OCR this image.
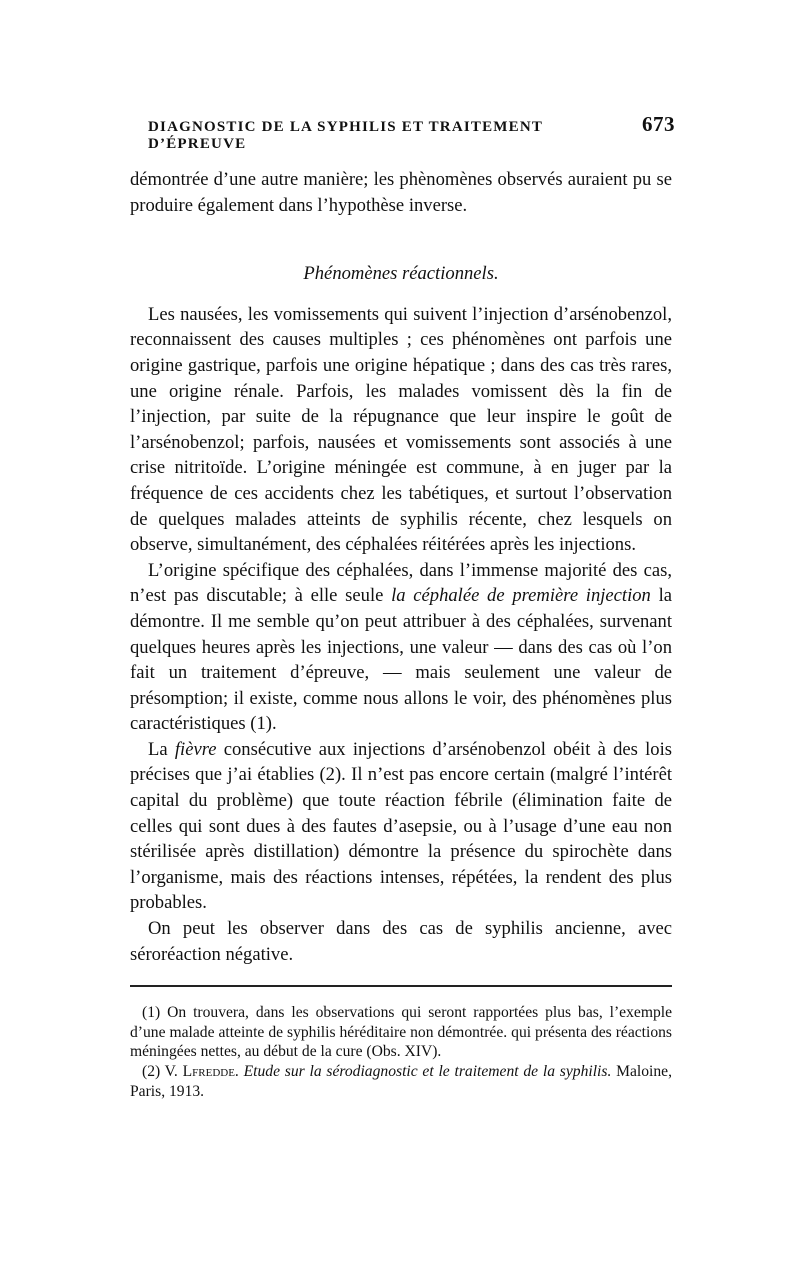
DIAGNOSTIC DE LA SYPHILIS ET TRAITEMENT D’ÉPREUVE
673

démontrée d’une autre manière; les phènomènes observés auraient pu se produire également dans l’hypothèse inverse.

Phénomènes réactionnels.

Les nausées, les vomissements qui suivent l’injection d’arsénobenzol, reconnaissent des causes multiples ; ces phénomènes ont parfois une origine gastrique, parfois une origine hépatique ; dans des cas très rares, une origine rénale. Parfois, les malades vomissent dès la fin de l’injection, par suite de la répugnance que leur inspire le goût de l’arsénobenzol; parfois, nausées et vomissements sont associés à une crise nitritoïde. L’origine méningée est commune, à en juger par la fréquence de ces accidents chez les tabétiques, et surtout l’observation de quelques malades atteints de syphilis récente, chez lesquels on observe, simultanément, des céphalées réitérées après les injections.

L’origine spécifique des céphalées, dans l’immense majorité des cas, n’est pas discutable; à elle seule la céphalée de première injection la démontre. Il me semble qu’on peut attribuer à des céphalées, survenant quelques heures après les injections, une valeur — dans des cas où l’on fait un traitement d’épreuve, — mais seulement une valeur de présomption; il existe, comme nous allons le voir, des phénomènes plus caractéristiques (1).

La fièvre consécutive aux injections d’arsénobenzol obéit à des lois précises que j’ai établies (2). Il n’est pas encore certain (malgré l’intérêt capital du problème) que toute réaction fébrile (élimination faite de celles qui sont dues à des fautes d’asepsie, ou à l’usage d’une eau non stérilisée après distillation) démontre la présence du spirochète dans l’organisme, mais des réactions intenses, répétées, la rendent des plus probables.

On peut les observer dans des cas de syphilis ancienne, avec séroréaction négative.

(1) On trouvera, dans les observations qui seront rapportées plus bas, l’exemple d’une malade atteinte de syphilis héréditaire non démontrée. qui présenta des réactions méningées nettes, au début de la cure (Obs. XIV).

(2) V. Lfredde. Etude sur la sérodiagnostic et le traitement de la syphilis. Maloine, Paris, 1913.
